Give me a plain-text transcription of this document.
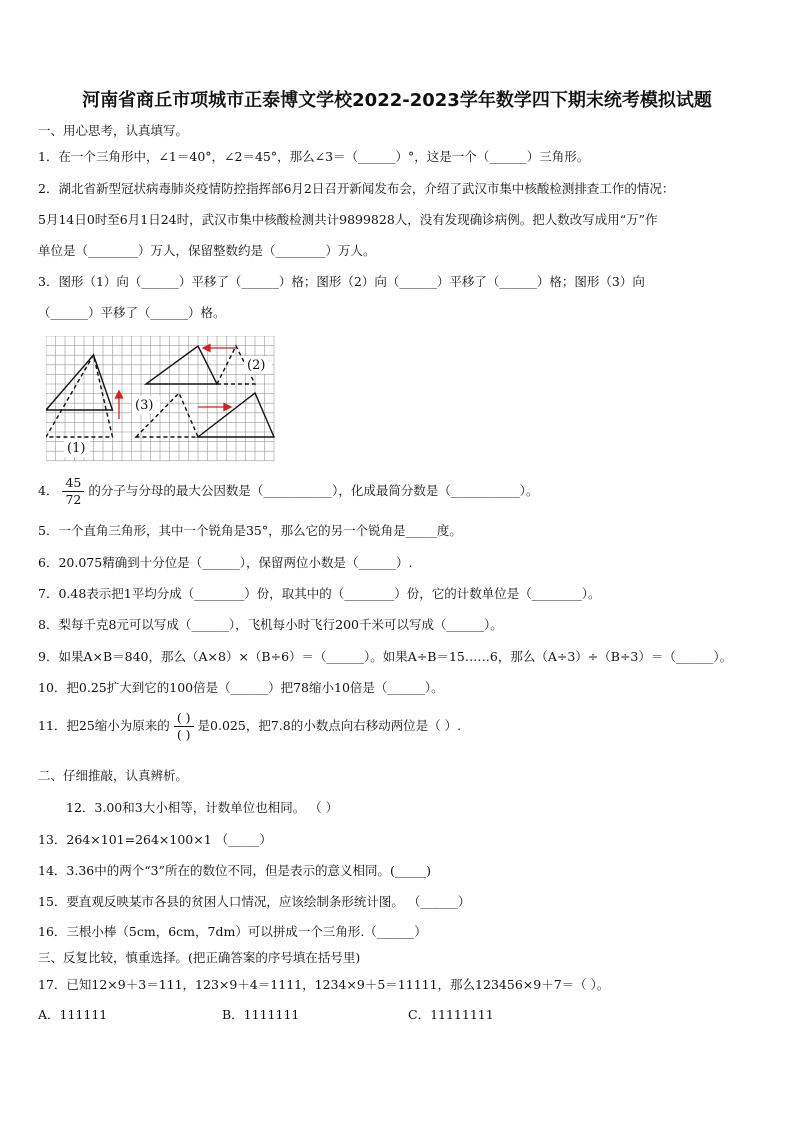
河南省商丘市项城市正泰博文学校2022-2023学年数学四下期末统考模拟试题
一、用心思考，认真填写。
1．在一个三角形中，∠1＝40°，∠2＝45°，那么∠3＝（______）°，这是一个（______）三角形。
2．湖北省新型冠状病毒肺炎疫情防控指挥部6月2日召开新闻发布会，介绍了武汉市集中核酸检测排查工作的情况：
5月14日0时至6月1日24时，武汉市集中核酸检测共计9899828人，没有发现确诊病例。把人数改写成用“万”作
单位是（________）万人，保留整数约是（________）万人。
3．图形（1）向（______）平移了（______）格；图形（2）向（______）平移了（______）格；图形（3）向
（______）平移了（______）格。
(1)
(2)
(3)
4． $\frac{45}{72}$ 的分子与分母的最大公因数是（___________），化成最简分数是（___________）。
5．一个直角三角形，其中一个锐角是35°，那么它的另一个锐角是_____度。
6．20.075精确到十分位是（______），保留两位小数是（______）.
7．0.48表示把1平均分成（________）份，取其中的（________）份，它的计数单位是（________）。
8．梨每千克8元可以写成（______），飞机每小时飞行200千米可以写成（______）。
9．如果A×B＝840，那么（A×8）×（B÷6）＝（______）。如果A÷B＝15……6，那么（A÷3）÷（B÷3）＝（______）。
10．把0.25扩大到它的100倍是（______）把78缩小10倍是（______）。
11．把25缩小为原来的 $\frac{( )}{( )}$ 是0.025，把7.8的小数点向右移动两位是（ ）.
二、仔细推敲，认真辨析。
12．3.00和3大小相等，计数单位也相同。 （ ）
13．264×101=264×100×1 （_____）
14．3.36中的两个“3”所在的数位不同，但是表示的意义相同。(_____)
15．要直观反映某市各县的贫困人口情况，应该绘制条形统计图。 （______）
16．三根小棒（5cm，6cm，7dm）可以拼成一个三角形.（______）
三、反复比较，慎重选择。(把正确答案的序号填在括号里)
17．已知12×9＋3＝111，123×9＋4＝1111，1234×9＋5＝11111，那么123456×9＋7＝（ ）。
A．111111	B．1111111	C．11111111
